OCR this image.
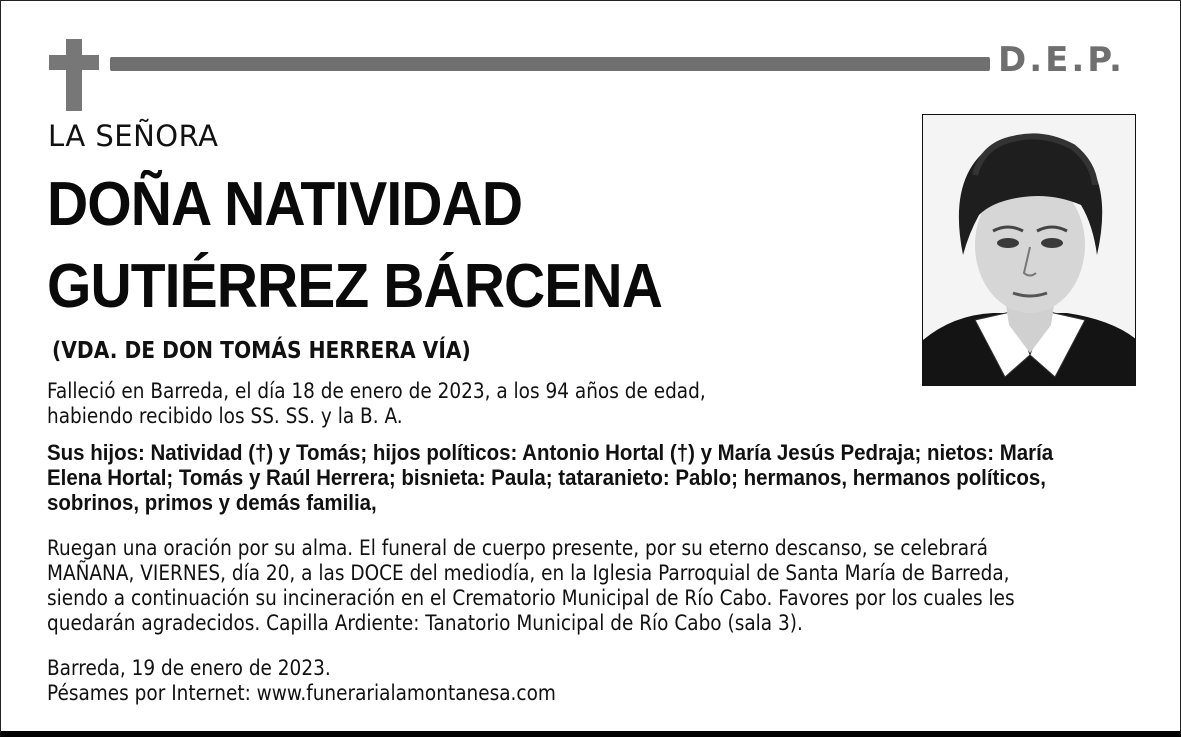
D.E.P.
LA SEÑORA
DOÑA NATIVIDAD
GUTIÉRREZ BÁRCENA
(VDA. DE DON TOMÁS HERRERA VÍA)
Falleció en Barreda, el día 18 de enero de 2023, a los 94 años de edad,
habiendo recibido los SS. SS. y la B. A.
Sus hijos: Natividad (†) y Tomás; hijos políticos: Antonio Hortal (†) y María Jesús Pedraja; nietos: María
Elena Hortal; Tomás y Raúl Herrera; bisnieta: Paula; tataranieto: Pablo; hermanos, hermanos políticos,
sobrinos, primos y demás familia,
Ruegan una oración por su alma. El funeral de cuerpo presente, por su eterno descanso, se celebrará
MAÑANA, VIERNES, día 20, a las DOCE del mediodía, en la Iglesia Parroquial de Santa María de Barreda,
siendo a continuación su incineración en el Crematorio Municipal de Río Cabo. Favores por los cuales les
quedarán agradecidos. Capilla Ardiente: Tanatorio Municipal de Río Cabo (sala 3).
Barreda, 19 de enero de 2023.
Pésames por Internet: www.funerarialamontanesa.com
